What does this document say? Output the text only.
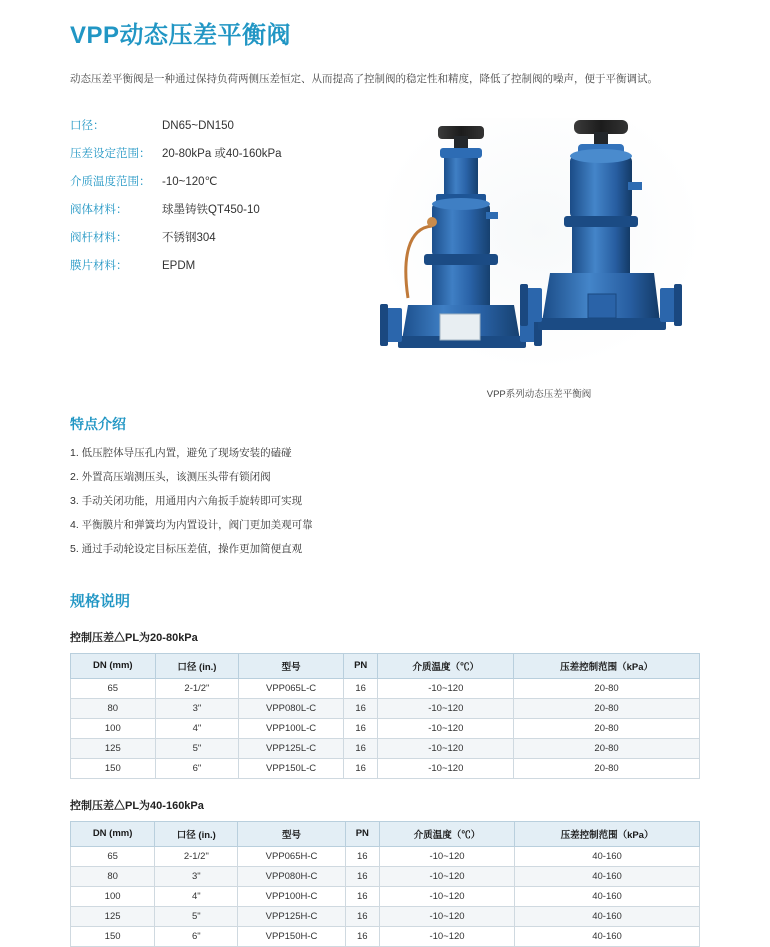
VPP动态压差平衡阀

动态压差平衡阀是一种通过保持负荷两侧压差恒定、从而提高了控制阀的稳定性和精度，降低了控制阀的噪声，便于平衡调试。

口径：	DN65~DN150
压差设定范围：	20-80kPa 或40-160kPa
介质温度范围：	-10~120℃
阀体材料：	球墨铸铁QT450-10
阀杆材料：	不锈钢304
膜片材料：	EPDM
VPP系列动态压差平衡阀
特点介绍
1. 低压腔体导压孔内置，避免了现场安装的磕碰
2. 外置高压端测压头，该测压头带有锁闭阀
3. 手动关闭功能，用通用内六角扳手旋转即可实现
4. 平衡膜片和弹簧均为内置设计，阀门更加美观可靠
5. 通过手动轮设定目标压差值，操作更加简便直观
规格说明
控制压差△PL为20-80kPa
DN (mm)	口径 (in.)	型号	PN	介质温度（℃）	压差控制范围（kPa）
65	2-1/2"	VPP065L-C	16	-10~120	20-80
80	3"	VPP080L-C	16	-10~120	20-80
100	4"	VPP100L-C	16	-10~120	20-80
125	5"	VPP125L-C	16	-10~120	20-80
150	6"	VPP150L-C	16	-10~120	20-80
控制压差△PL为40-160kPa
DN (mm)	口径 (in.)	型号	PN	介质温度（℃）	压差控制范围（kPa）
65	2-1/2"	VPP065H-C	16	-10~120	40-160
80	3"	VPP080H-C	16	-10~120	40-160
100	4"	VPP100H-C	16	-10~120	40-160
125	5"	VPP125H-C	16	-10~120	40-160
150	6"	VPP150H-C	16	-10~120	40-160
